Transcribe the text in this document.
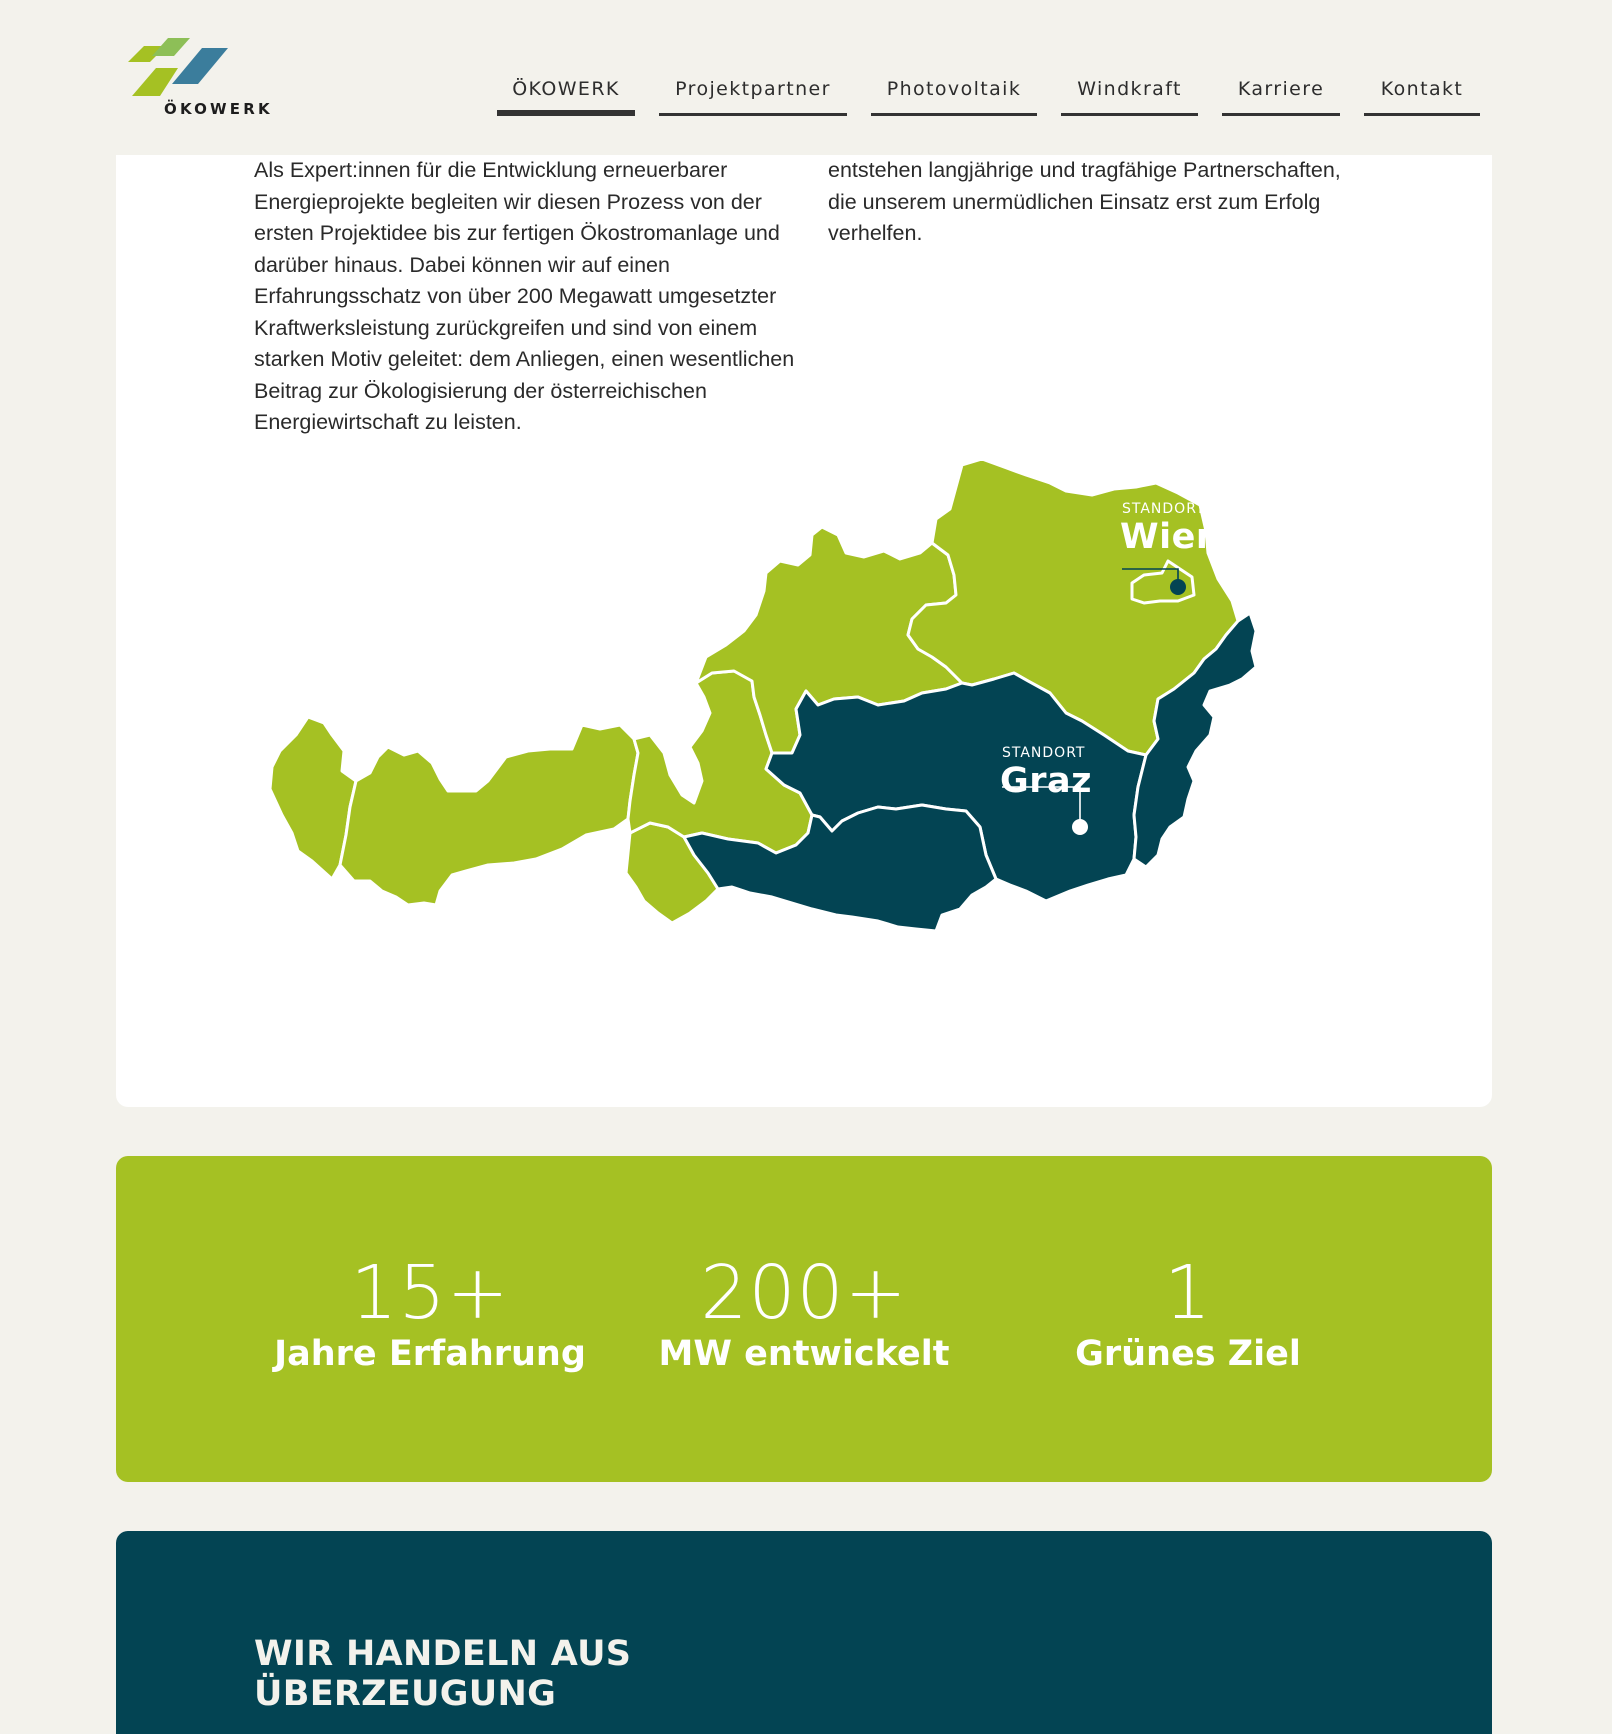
ÖKOWERK
ÖKOWERK	Projektpartner	Photovoltaik	Windkraft	Karriere	Kontakt

Als Expert:innen für die Entwicklung erneuerbarer Energieprojekte begleiten wir diesen Prozess von der ersten Projektidee bis zur fertigen Ökostromanlage und darüber hinaus. Dabei können wir auf einen Erfahrungsschatz von über 200 Megawatt umgesetzter Kraftwerksleistung zurückgreifen und sind von einem starken Motiv geleitet: dem Anliegen, einen wesentlichen Beitrag zur Ökologisierung der österreichischen Energiewirtschaft zu leisten.

entstehen langjährige und tragfähige Partnerschaften, die unserem unermüdlichen Einsatz erst zum Erfolg verhelfen.

STANDORT
Wien
STANDORT
Graz
15+
Jahre Erfahrung
200+
MW entwickelt
1
Grünes Ziel
WIR HANDELN AUS
ÜBERZEUGUNG
